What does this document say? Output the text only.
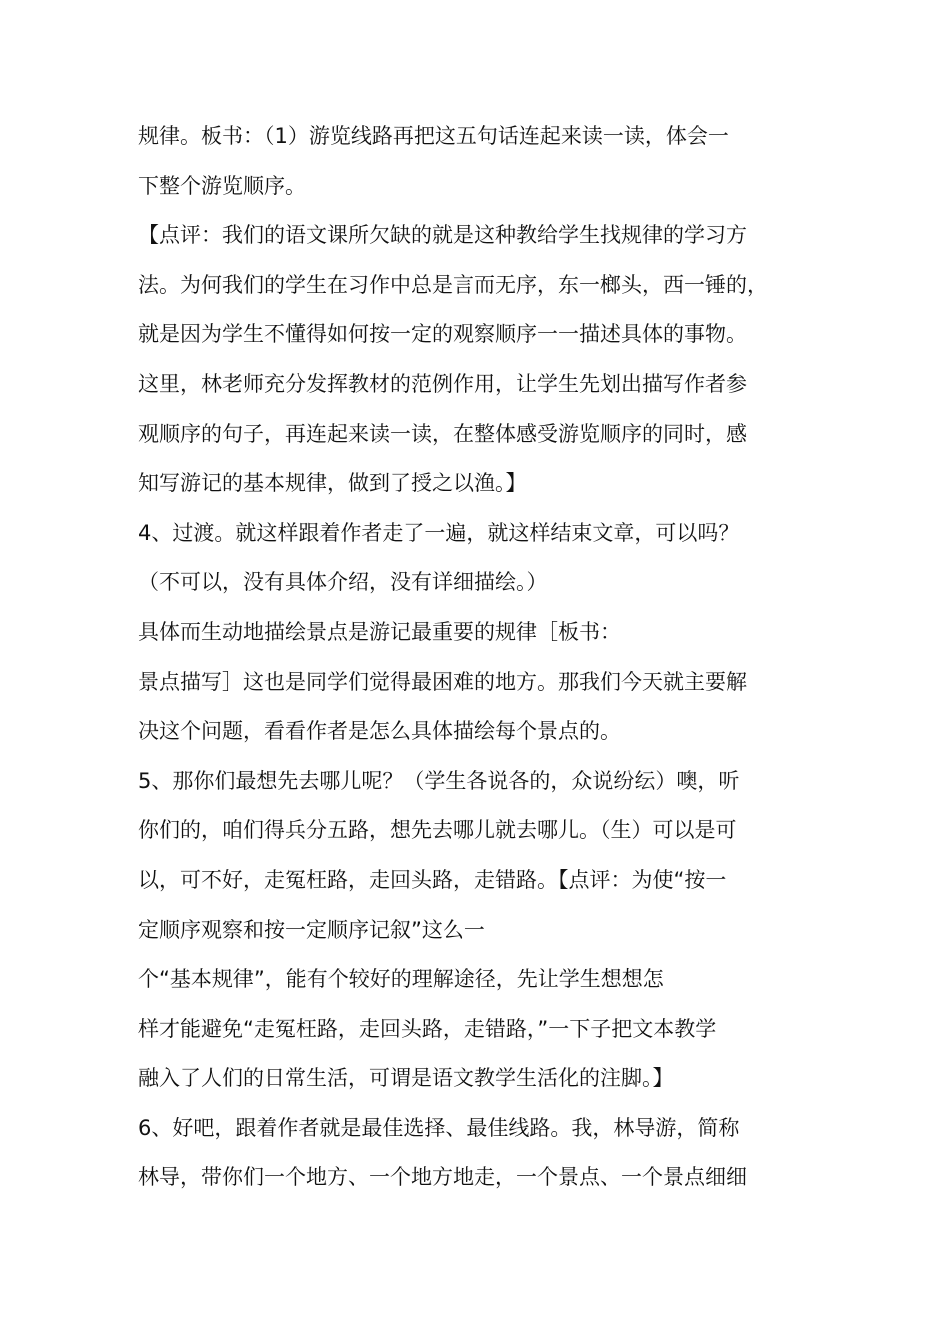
规律。板书：（1）游览线路再把这五句话连起来读一读，体会一
下整个游览顺序。
【点评：我们的语文课所欠缺的就是这种教给学生找规律的学习方
法。为何我们的学生在习作中总是言而无序，东一榔头，西一锤的，
就是因为学生不懂得如何按一定的观察顺序一一描述具体的事物。
这里，林老师充分发挥教材的范例作用，让学生先划出描写作者参
观顺序的句子，再连起来读一读，在整体感受游览顺序的同时，感
知写游记的基本规律，做到了授之以渔。】
4、过渡。就这样跟着作者走了一遍，就这样结束文章，可以吗？
（不可以，没有具体介绍，没有详细描绘。）
具体而生动地描绘景点是游记最重要的规律［板书：
景点描写］这也是同学们觉得最困难的地方。那我们今天就主要解
决这个问题，看看作者是怎么具体描绘每个景点的。
5、那你们最想先去哪儿呢？（学生各说各的，众说纷纭）噢，听
你们的，咱们得兵分五路，想先去哪儿就去哪儿。（生）可以是可
以，可不好，走冤枉路，走回头路，走错路。【点评：为使“按一
定顺序观察和按一定顺序记叙”这么一
个“基本规律”，能有个较好的理解途径，先让学生想想怎
样才能避免“走冤枉路，走回头路，走错路，”一下子把文本教学
融入了人们的日常生活，可谓是语文教学生活化的注脚。】
6、好吧，跟着作者就是最佳选择、最佳线路。我，林导游，简称
林导，带你们一个地方、一个地方地走，一个景点、一个景点细细
